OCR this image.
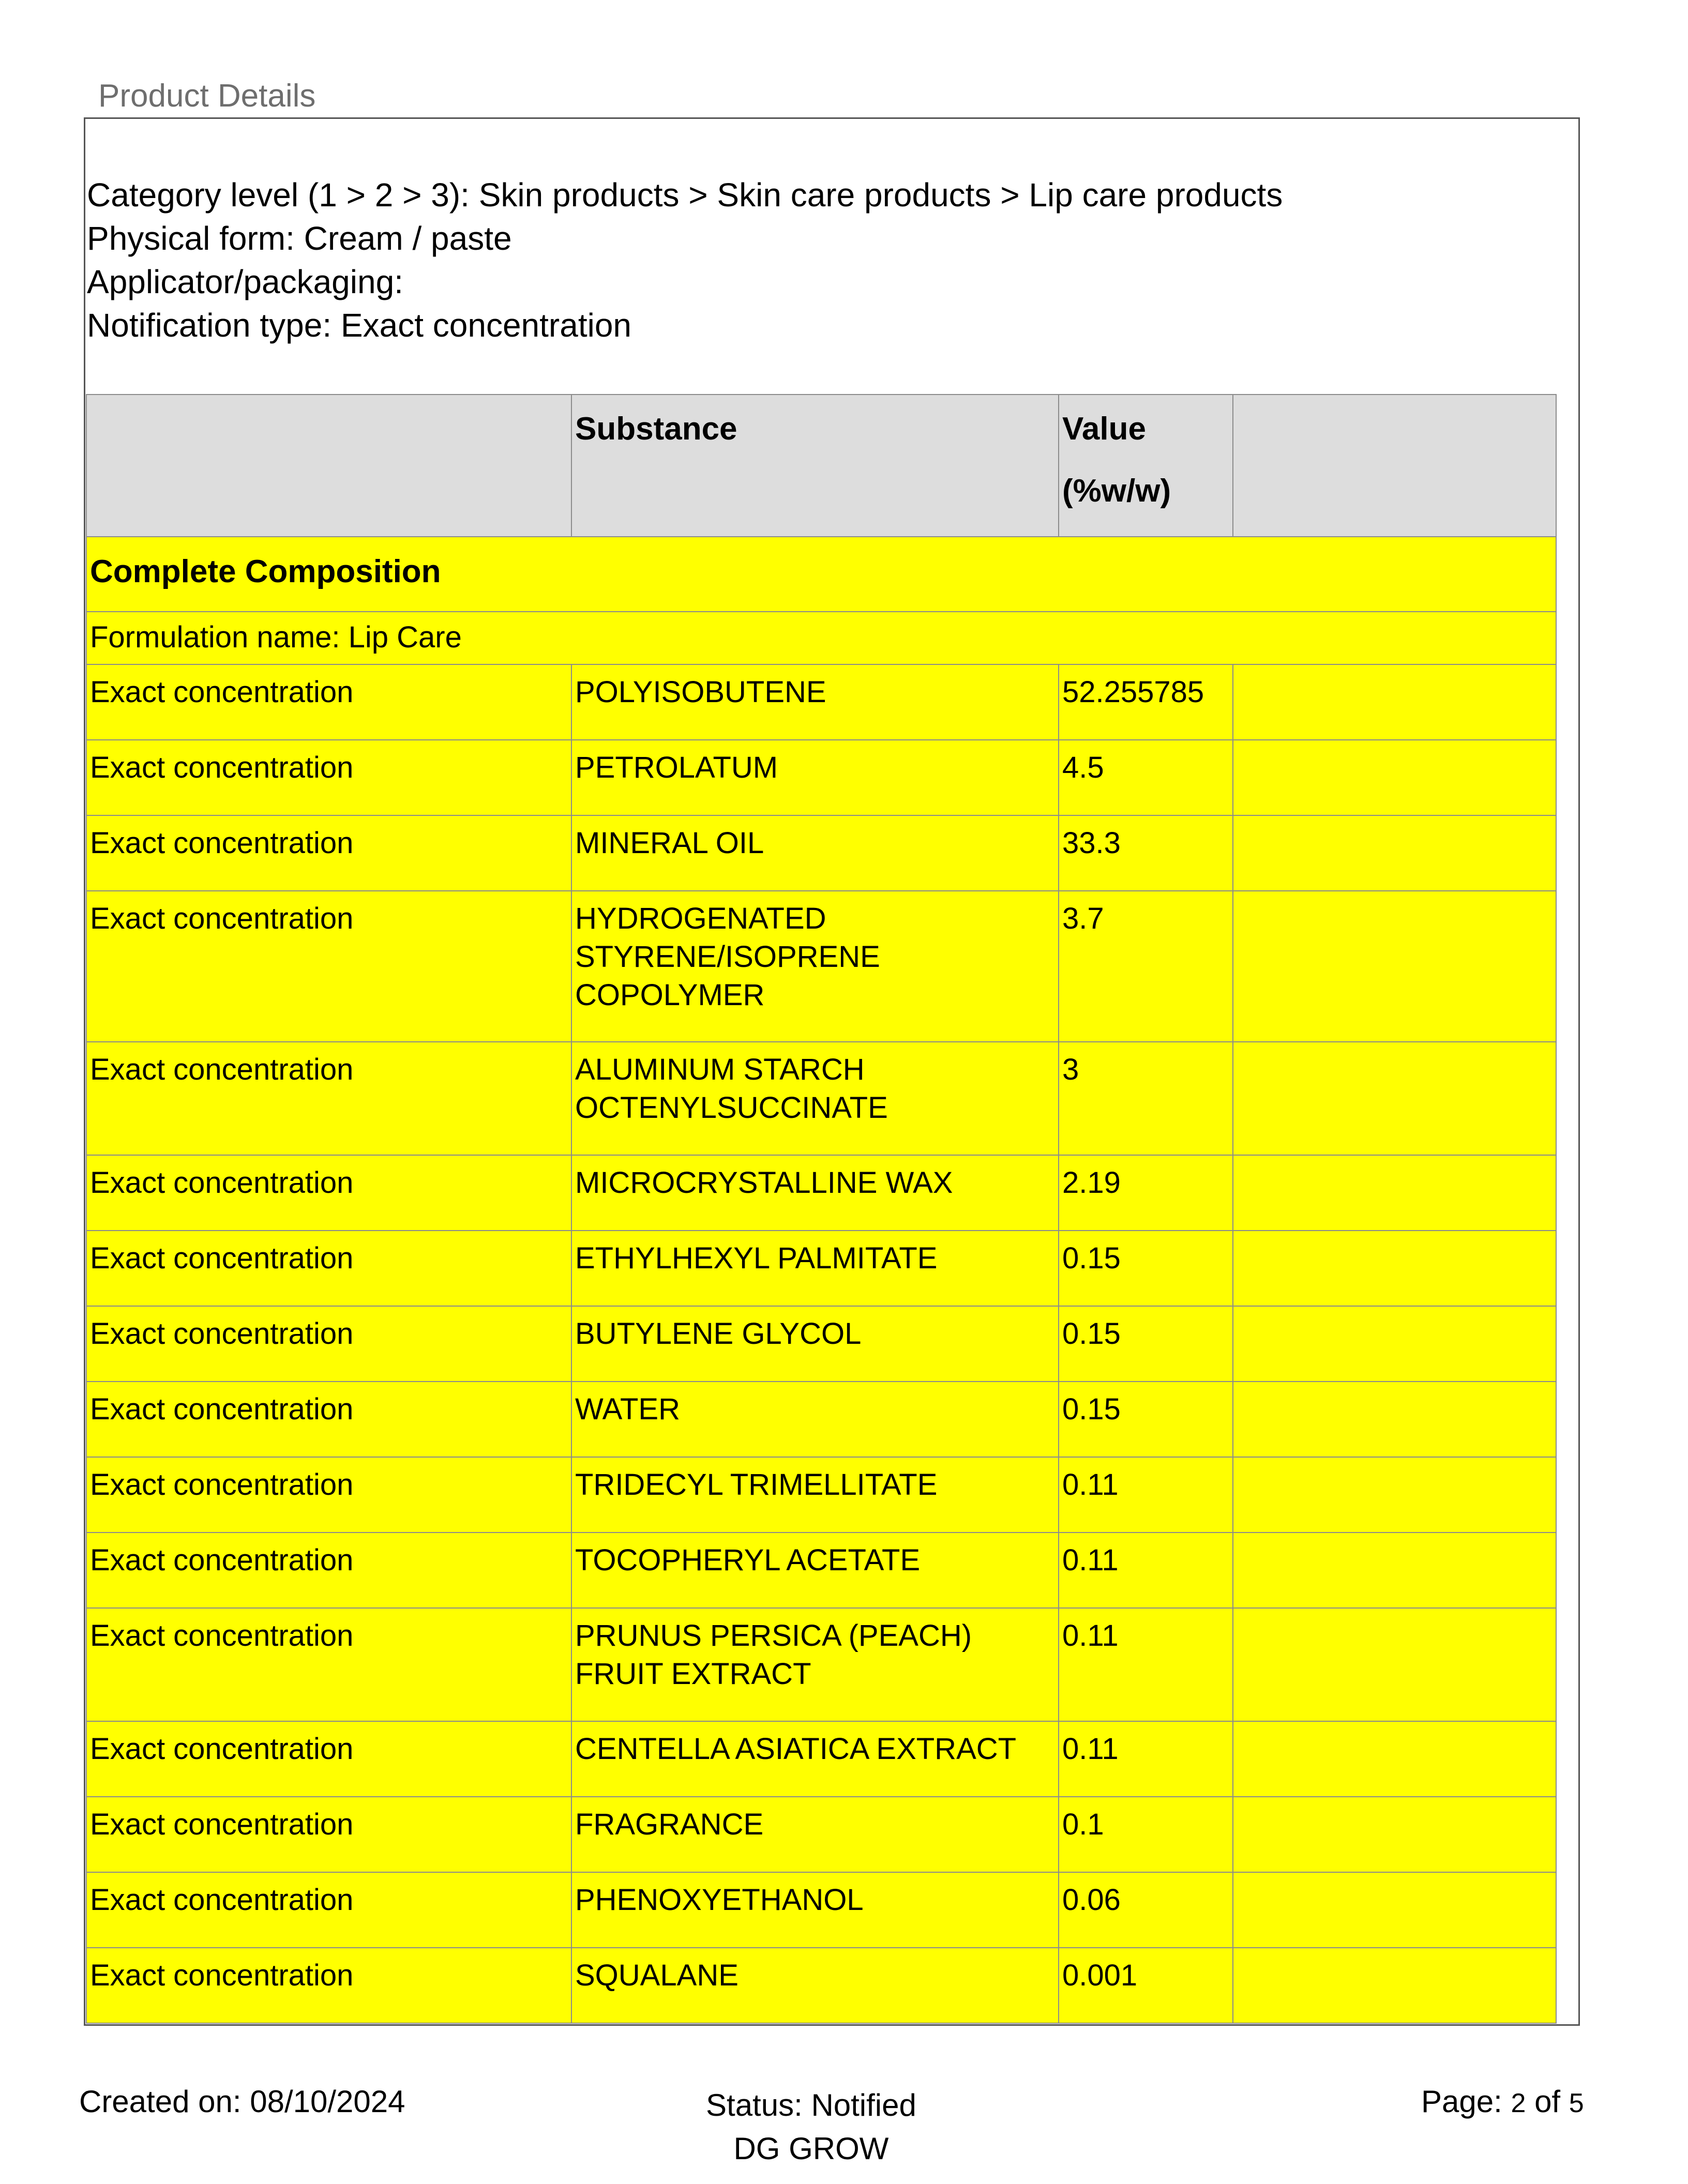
Product Details
Category level (1 > 2 > 3): Skin products > Skin care products > Lip care products
Physical form: Cream / paste
Applicator/packaging:
Notification type: Exact concentration
	Substance	Value
(%w/w)	

Complete Composition			
Formulation name: Lip Care			
Exact concentration	POLYISOBUTENE	52.255785	
Exact concentration	PETROLATUM	4.5	
Exact concentration	MINERAL OIL	33.3	
Exact concentration	HYDROGENATED
STYRENE/ISOPRENE
COPOLYMER	3.7	
Exact concentration	ALUMINUM STARCH
OCTENYLSUCCINATE	3	
Exact concentration	MICROCRYSTALLINE WAX	2.19	
Exact concentration	ETHYLHEXYL PALMITATE	0.15	
Exact concentration	BUTYLENE GLYCOL	0.15	
Exact concentration	WATER	0.15	
Exact concentration	TRIDECYL TRIMELLITATE	0.11	
Exact concentration	TOCOPHERYL ACETATE	0.11	
Exact concentration	PRUNUS PERSICA (PEACH)
FRUIT EXTRACT	0.11	
Exact concentration	CENTELLA ASIATICA EXTRACT	0.11	
Exact concentration	FRAGRANCE	0.1	
Exact concentration	PHENOXYETHANOL	0.06	
Exact concentration	SQUALANE	0.001	
Created on: 08/10/2024	Status: Notified
DG GROW
Page: 2 of 5
